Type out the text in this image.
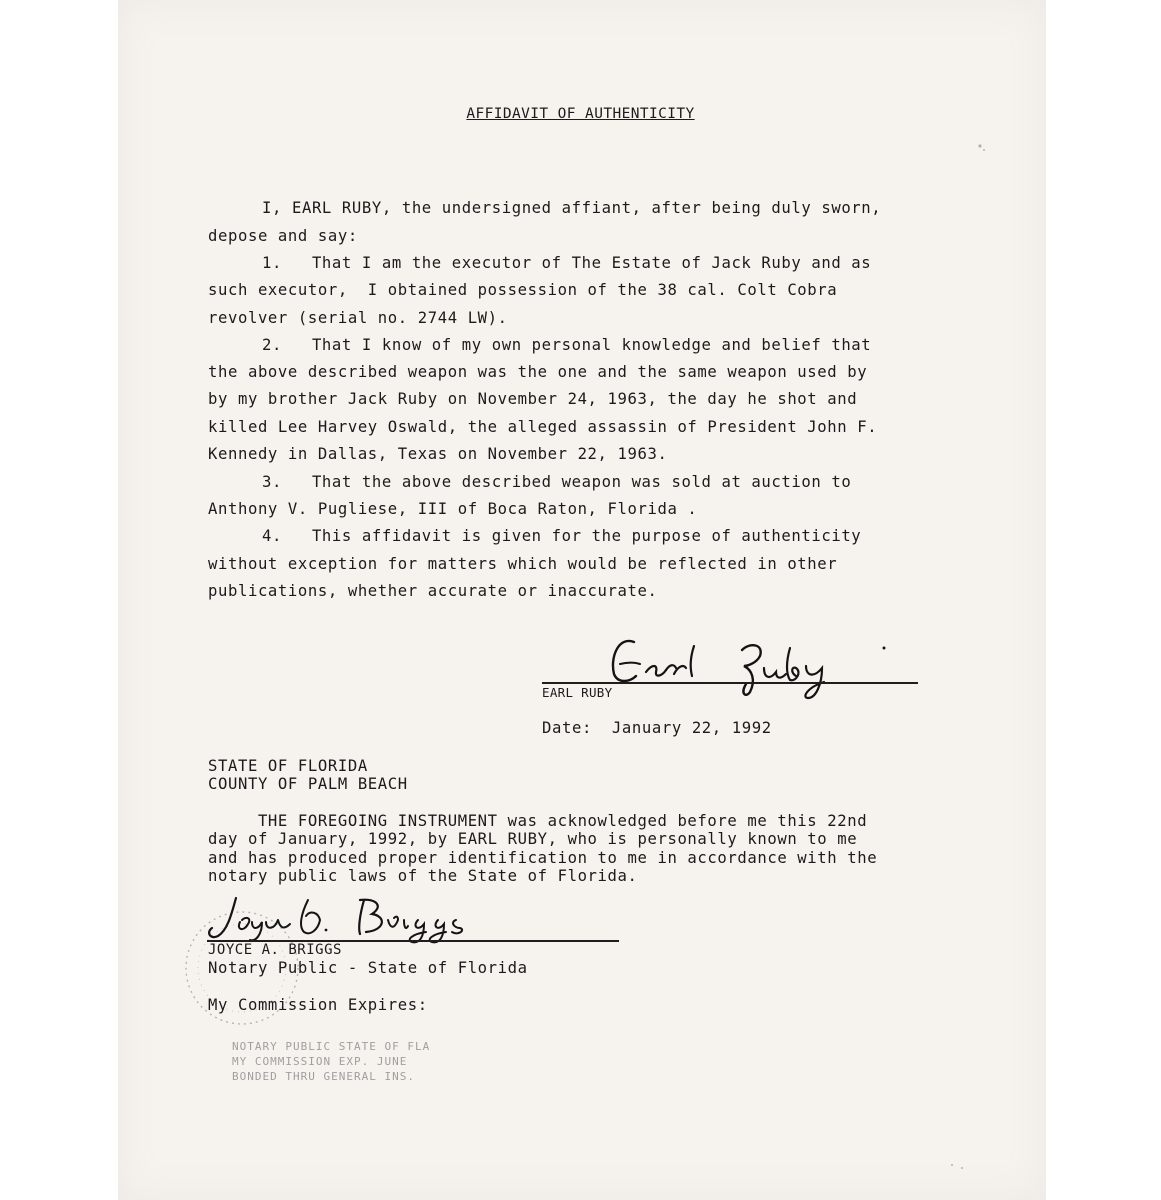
AFFIDAVIT OF AUTHENTICITY
I, EARL RUBY, the undersigned affiant, after being duly sworn,
depose and say:
1.   That I am the executor of The Estate of Jack Ruby and as
such executor,  I obtained possession of the 38 cal. Colt Cobra
revolver (serial no. 2744 LW).
2.   That I know of my own personal knowledge and belief that
the above described weapon was the one and the same weapon used by
by my brother Jack Ruby on November 24, 1963, the day he shot and
killed Lee Harvey Oswald, the alleged assassin of President John F.
Kennedy in Dallas, Texas on November 22, 1963.
3.   That the above described weapon was sold at auction to
Anthony V. Pugliese, III of Boca Raton, Florida .
4.   This affidavit is given for the purpose of authenticity
without exception for matters which would be reflected in other
publications, whether accurate or inaccurate.
EARL RUBY
Date:  January 22, 1992
STATE OF FLORIDA
COUNTY OF PALM BEACH
THE FOREGOING INSTRUMENT was acknowledged before me this 22nd
day of January, 1992, by EARL RUBY, who is personally known to me
and has produced proper identification to me in accordance with the
notary public laws of the State of Florida.
JOYCE A. BRIGGS
Notary Public - State of Florida
My Commission Expires:
NOTARY PUBLIC STATE OF FLA
MY COMMISSION EXP. JUNE
BONDED THRU GENERAL INS.
